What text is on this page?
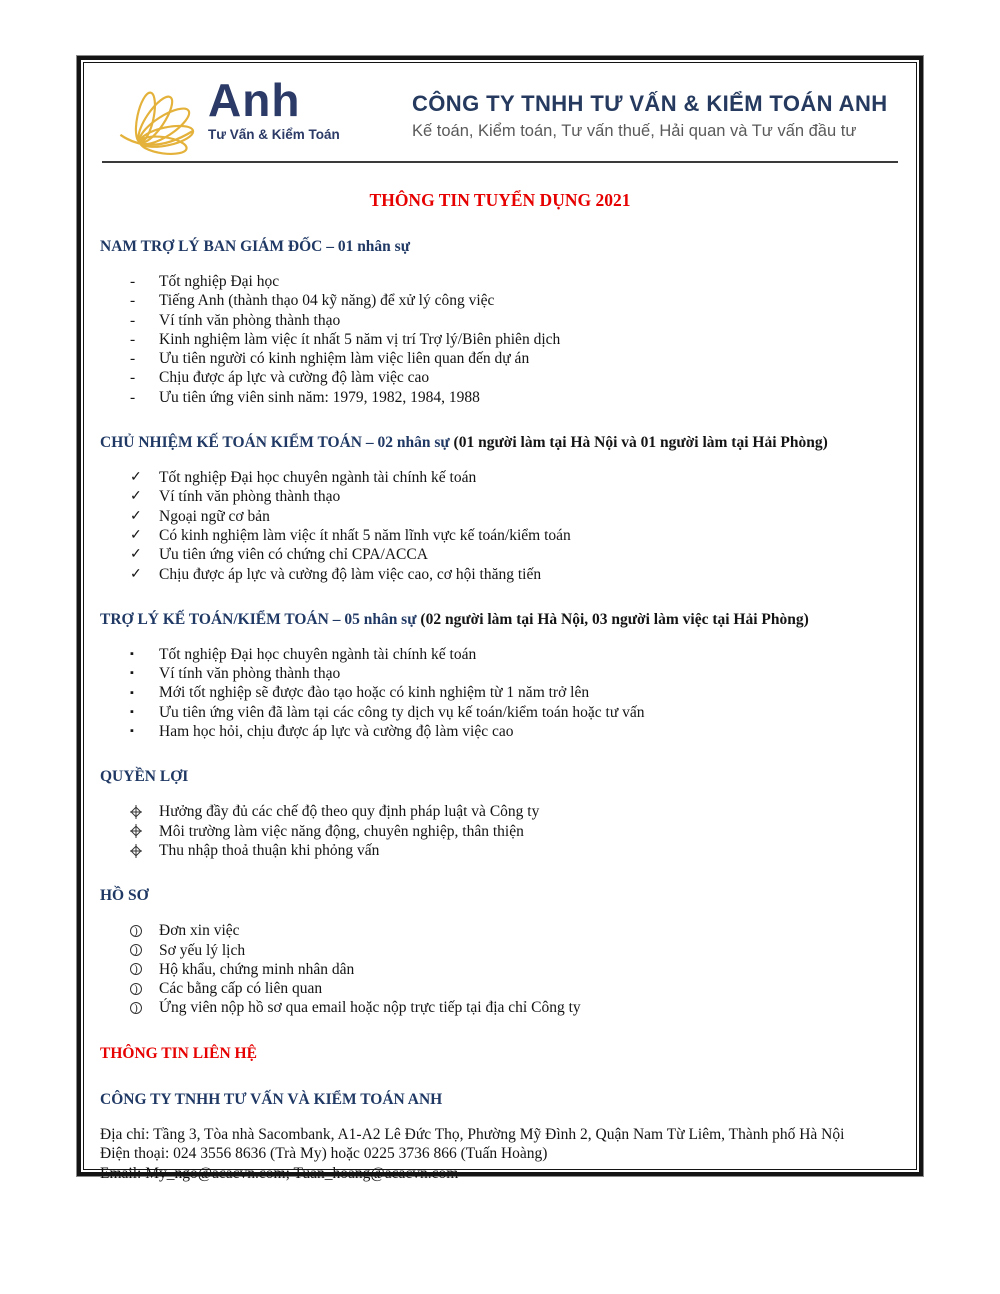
Anh
Tư Vấn & Kiểm Toán
CÔNG TY TNHH TƯ VẤN & KIỂM TOÁN ANH
Kế toán, Kiểm toán, Tư vấn thuế, Hải quan và Tư vấn đầu tư
THÔNG TIN TUYỂN DỤNG 2021
NAM TRỢ LÝ BAN GIÁM ĐỐC – 01 nhân sự
- Tốt nghiệp Đại học
- Tiếng Anh (thành thạo 04 kỹ năng) để xử lý công việc
- Ví tính văn phòng thành thạo
- Kinh nghiệm làm việc ít nhất 5 năm vị trí Trợ lý/Biên phiên dịch
- Ưu tiên người có kinh nghiệm làm việc liên quan đến dự án
- Chịu được áp lực và cường độ làm việc cao
- Ưu tiên ứng viên sinh năm: 1979, 1982, 1984, 1988
CHỦ NHIỆM KẾ TOÁN KIỂM TOÁN – 02 nhân sự (01 người làm tại Hà Nội và 01 người làm tại Hải Phòng)
✓ Tốt nghiệp Đại học chuyên ngành tài chính kế toán
✓ Ví tính văn phòng thành thạo
✓ Ngoại ngữ cơ bản
✓ Có kinh nghiệm làm việc ít nhất 5 năm lĩnh vực kế toán/kiểm toán
✓ Ưu tiên ứng viên có chứng chỉ CPA/ACCA
✓ Chịu được áp lực và cường độ làm việc cao, cơ hội thăng tiến
TRỢ LÝ KẾ TOÁN/KIỂM TOÁN – 05 nhân sự (02 người làm tại Hà Nội, 03 người làm việc tại Hải Phòng)
▪ Tốt nghiệp Đại học chuyên ngành tài chính kế toán
▪ Ví tính văn phòng thành thạo
▪ Mới tốt nghiệp sẽ được đào tạo hoặc có kinh nghiệm từ 1 năm trở lên
▪ Ưu tiên ứng viên đã làm tại các công ty dịch vụ kế toán/kiểm toán hoặc tư vấn
▪ Ham học hỏi, chịu được áp lực và cường độ làm việc cao
QUYỀN LỢI
Hưởng đầy đủ các chế độ theo quy định pháp luật và Công ty
Môi trường làm việc năng động, chuyên nghiệp, thân thiện
Thu nhập thoả thuận khi phỏng vấn
HỒ SƠ
) Đơn xin việc
) Sơ yếu lý lịch
) Hộ khẩu, chứng minh nhân dân
) Các bằng cấp có liên quan
) Ứng viên nộp hồ sơ qua email hoặc nộp trực tiếp tại địa chỉ Công ty
THÔNG TIN LIÊN HỆ
CÔNG TY TNHH TƯ VẤN VÀ KIỂM TOÁN ANH

Địa chỉ: Tầng 3, Tòa nhà Sacombank, A1-A2 Lê Đức Thọ, Phường Mỹ Đình 2, Quận Nam Từ Liêm, Thành phố Hà Nội

Điện thoại: 024 3556 8636 (Trà My) hoặc 0225 3736 866 (Tuấn Hoàng)

Email: My_ngo@acacvn.com; Tuan_hoang@acacvn.com
